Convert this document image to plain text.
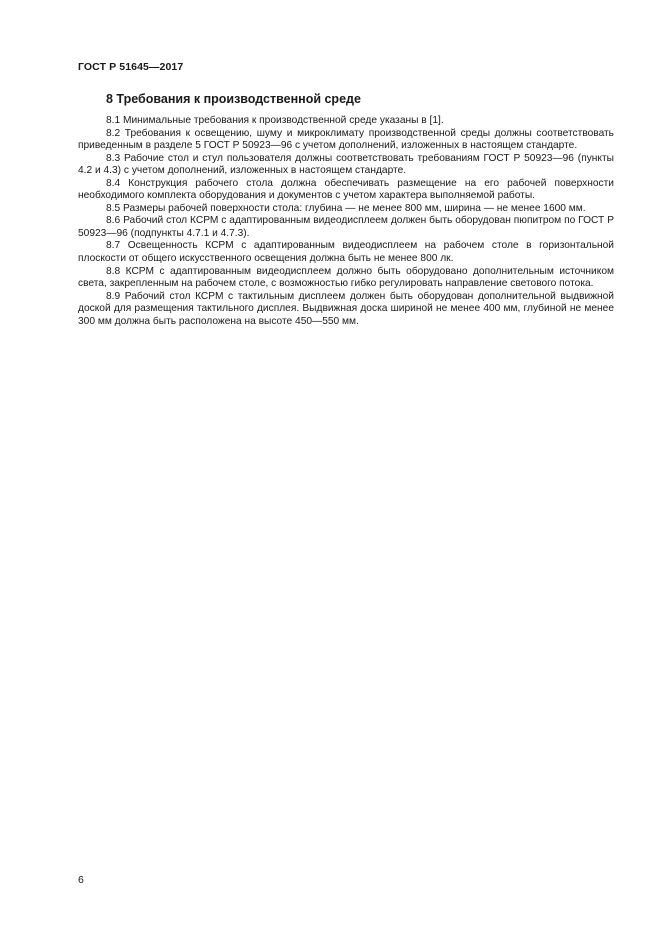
ГОСТ Р 51645—2017
8 Требования к производственной среде

8.1 Минимальные требования к производственной среде указаны в [1].

8.2 Требования к освещению, шуму и микроклимату производственной среды должны соответствовать приведенным в разделе 5 ГОСТ Р 50923—96 с учетом дополнений, изложенных в настоящем стандарте.

8.3 Рабочие стол и стул пользователя должны соответствовать требованиям ГОСТ Р 50923—96 (пункты 4.2 и 4.3) с учетом дополнений, изложенных в настоящем стандарте.

8.4 Конструкция рабочего стола должна обеспечивать размещение на его рабочей поверхности необходимого комплекта оборудования и документов с учетом характера выполняемой работы.

8.5 Размеры рабочей поверхности стола: глубина — не менее 800 мм, ширина — не менее 1600 мм.

8.6 Рабочий стол КСРМ с адаптированным видеодисплеем должен быть оборудован пюпитром по ГОСТ Р 50923—96 (подпункты 4.7.1 и 4.7.3).

8.7 Освещенность КСРМ с адаптированным видеодисплеем на рабочем столе в горизонтальной плоскости от общего искусственного освещения должна быть не менее 800 лк.

8.8 КСРМ с адаптированным видеодисплеем должно быть оборудовано дополнительным источником света, закрепленным на рабочем столе, с возможностью гибко регулировать направление светового потока.

8.9 Рабочий стол КСРМ с тактильным дисплеем должен быть оборудован дополнительной выдвижной доской для размещения тактильного дисплея. Выдвижная доска шириной не менее 400 мм, глубиной не менее 300 мм должна быть расположена на высоте 450—550 мм.

6
